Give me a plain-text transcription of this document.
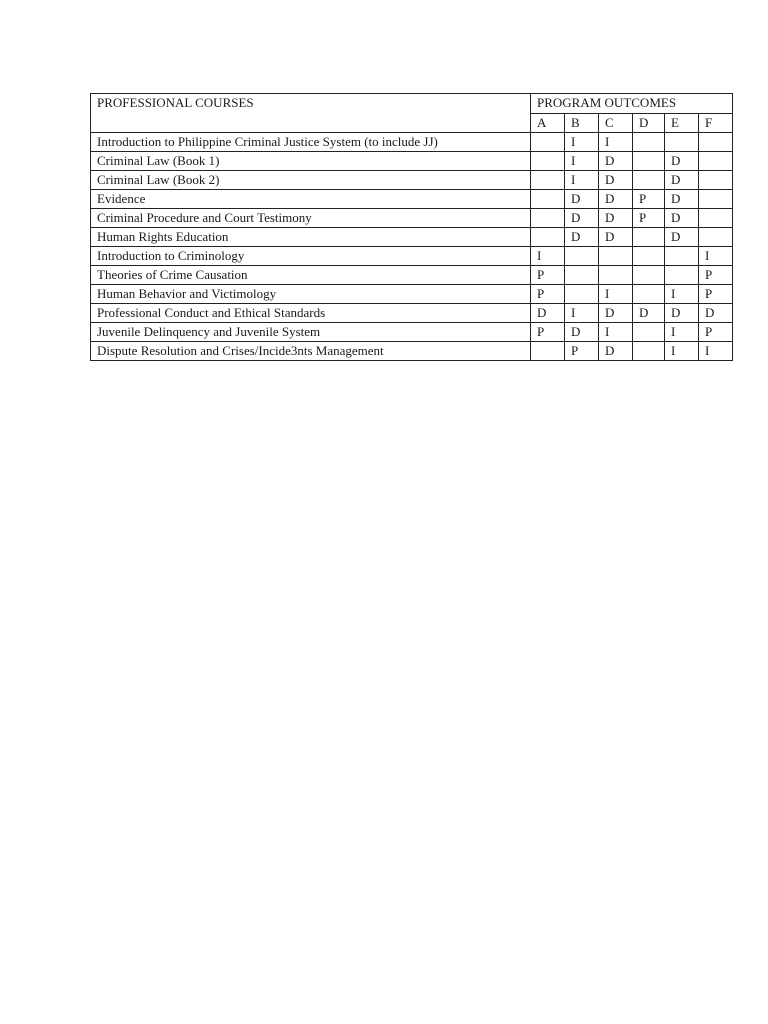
PROFESSIONAL COURSES	PROGRAM OUTCOMES					
	A	B	C	D	E	F
Introduction to Philippine Criminal Justice System (to include JJ)		I	I			
Criminal Law (Book 1)		I	D		D	
Criminal Law (Book 2)		I	D		D	
Evidence		D	D	P	D	
Criminal Procedure and Court Testimony		D	D	P	D	
Human Rights Education		D	D		D	
Introduction to Criminology	I					I
Theories of Crime Causation	P					P
Human Behavior and Victimology	P		I		I	P
Professional Conduct and Ethical Standards	D	I	D	D	D	D
Juvenile Delinquency and Juvenile System	P	D	I		I	P
Dispute Resolution and Crises/Incide3nts Management		P	D		I	I
